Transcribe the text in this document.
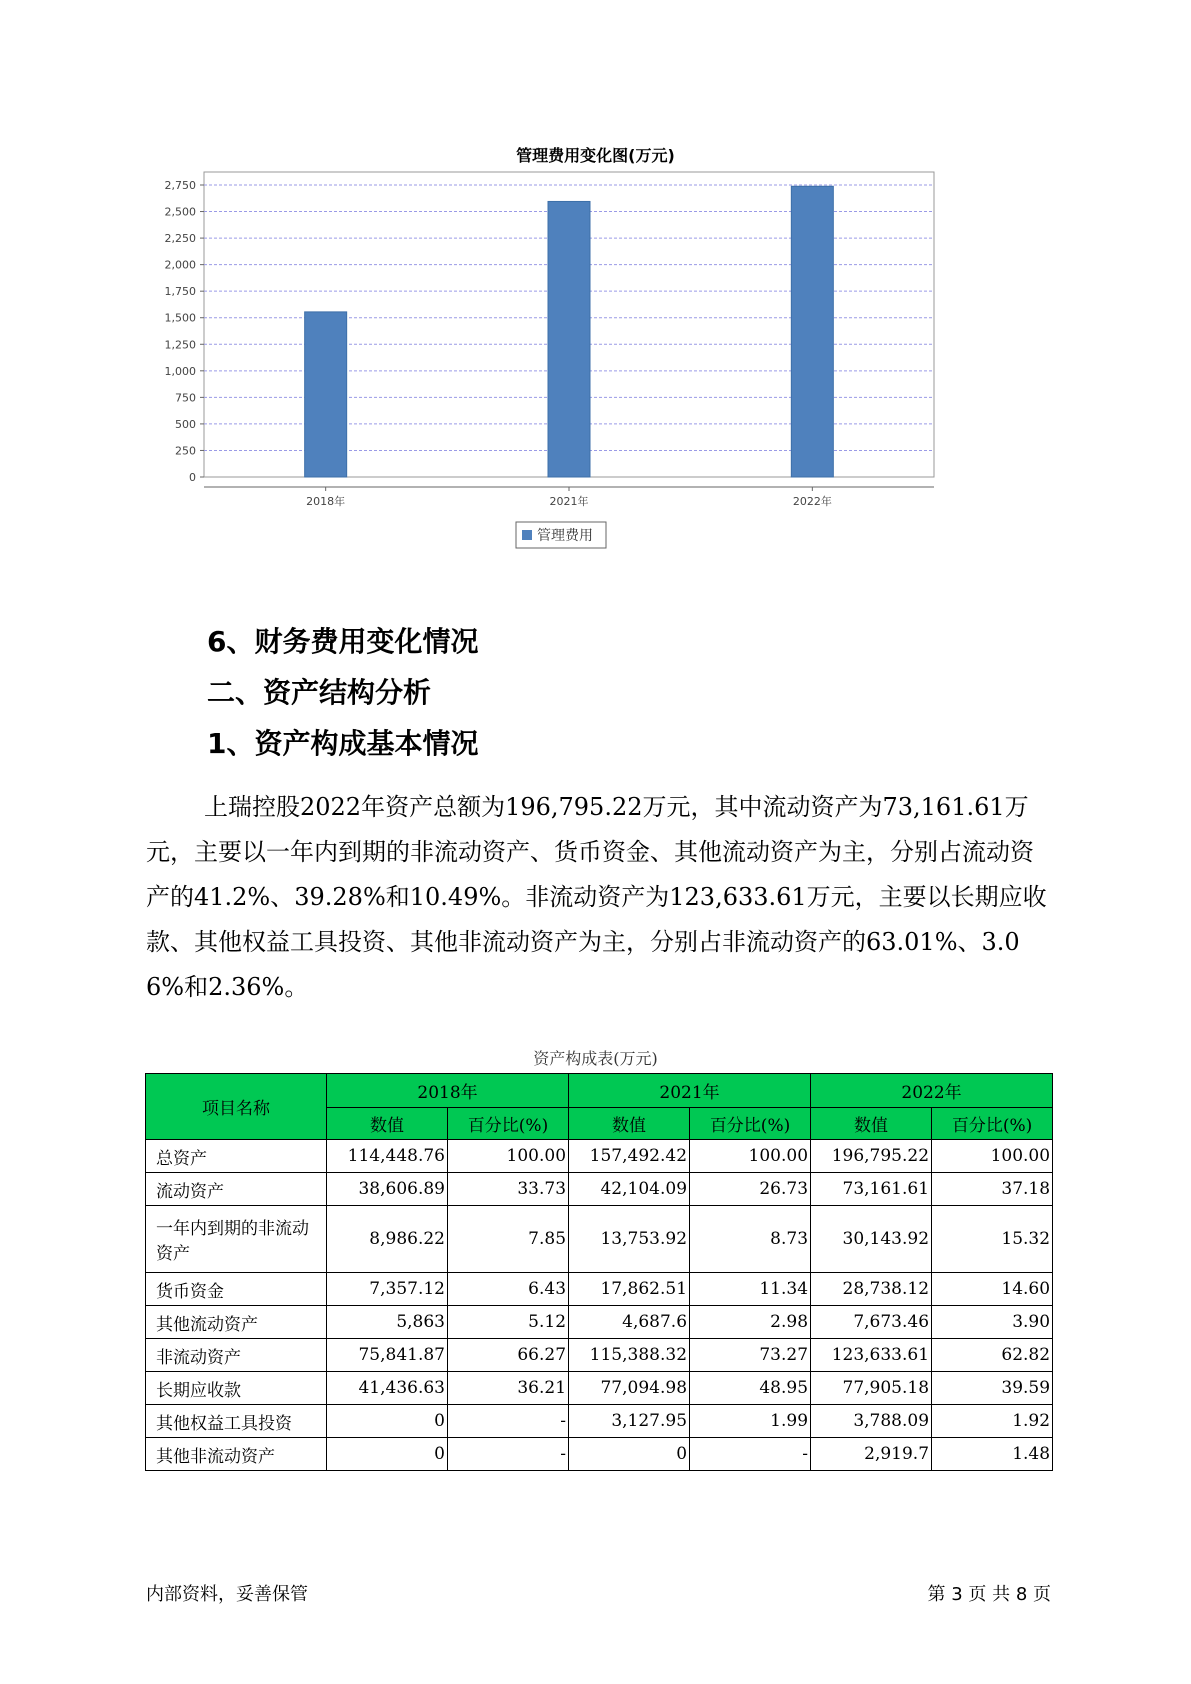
管理费用变化图(万元)
0
250
500
750
1,000
1,250
1,500
1,750
2,000
2,250
2,500
2,750
2018年	2021年	2022年
管理费用
6、财务费用变化情况
二、资产结构分析
1、资产构成基本情况

上瑞控股2022年资产总额为196,795.22万元，其中流动资产为73,161.61万元，主要以一年内到期的非流动资产、货币资金、其他流动资产为主，分别占流动资产的41.2%、39.28%和10.49%。非流动资产为123,633.61万元，主要以长期应收款、其他权益工具投资、其他非流动资产为主，分别占非流动资产的63.01%、3.06%和2.36%。

资产构成表(万元)
项目名称	2018年		2021年		2022年	
	数值	百分比(%)	数值	百分比(%)	数值	百分比(%)
总资产	114,448.76	100.00	157,492.42	100.00	196,795.22	100.00
流动资产	38,606.89	33.73	42,104.09	26.73	73,161.61	37.18
一年内到期的非流动资产	8,986.22	7.85	13,753.92	8.73	30,143.92	15.32
货币资金	7,357.12	6.43	17,862.51	11.34	28,738.12	14.60
其他流动资产	5,863	5.12	4,687.6	2.98	7,673.46	3.90
非流动资产	75,841.87	66.27	115,388.32	73.27	123,633.61	62.82
长期应收款	41,436.63	36.21	77,094.98	48.95	77,905.18	39.59
其他权益工具投资	0	-	3,127.95	1.99	3,788.09	1.92
其他非流动资产	0	-	0	-	2,919.7	1.48
内部资料，妥善保管	第 3 页 共 8 页
